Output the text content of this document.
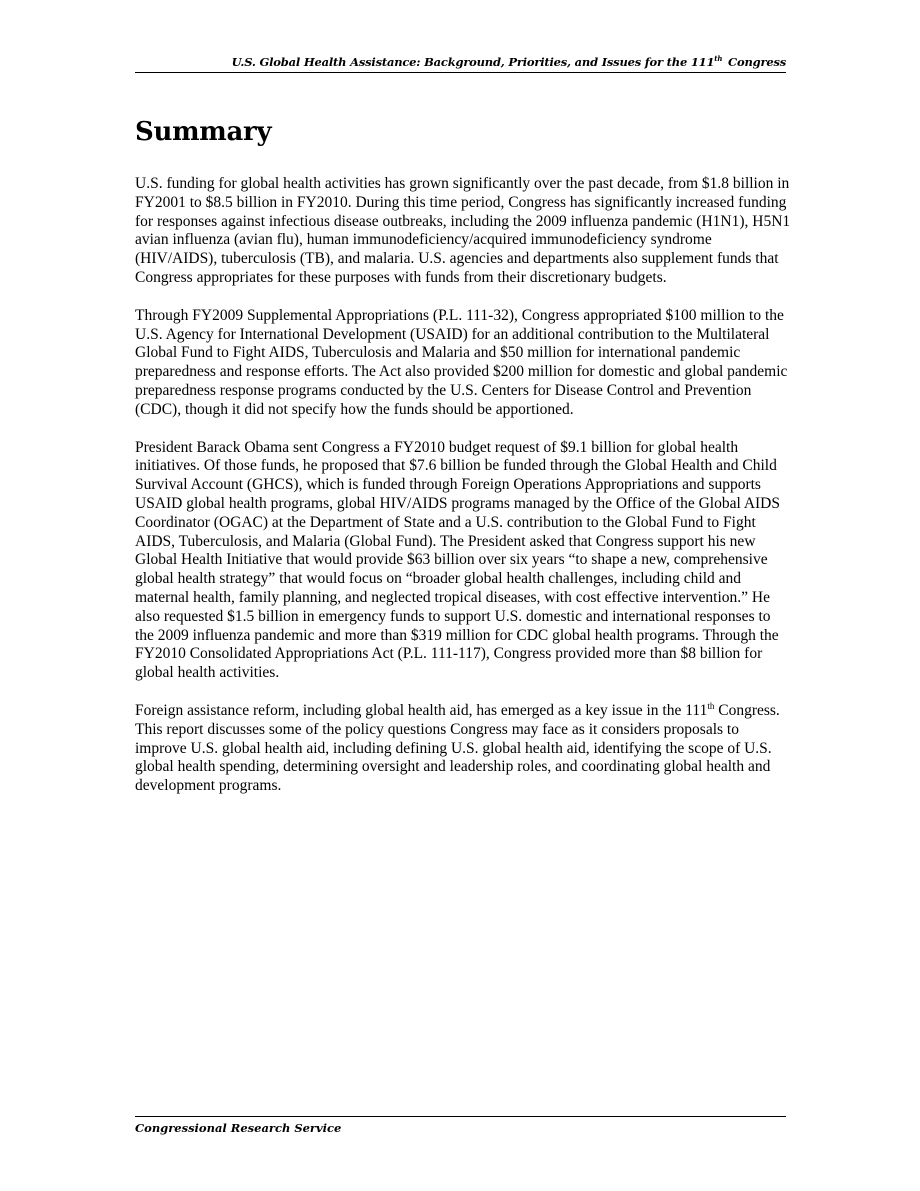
U.S. Global Health Assistance: Background, Priorities, and Issues for the 111th Congress
Summary

U.S. funding for global health activities has grown significantly over the past decade, from $1.8 billion in FY2001 to $8.5 billion in FY2010. During this time period, Congress has significantly increased funding for responses against infectious disease outbreaks, including the 2009 influenza pandemic (H1N1), H5N1 avian influenza (avian flu), human immunodeficiency/acquired immunodeficiency syndrome (HIV/AIDS), tuberculosis (TB), and malaria. U.S. agencies and departments also supplement funds that Congress appropriates for these purposes with funds from their discretionary budgets.

Through FY2009 Supplemental Appropriations (P.L. 111-32), Congress appropriated $100 million to the U.S. Agency for International Development (USAID) for an additional contribution to the Multilateral Global Fund to Fight AIDS, Tuberculosis and Malaria and $50 million for international pandemic preparedness and response efforts. The Act also provided $200 million for domestic and global pandemic preparedness response programs conducted by the U.S. Centers for Disease Control and Prevention (CDC), though it did not specify how the funds should be apportioned.

President Barack Obama sent Congress a FY2010 budget request of $9.1 billion for global health initiatives. Of those funds, he proposed that $7.6 billion be funded through the Global Health and Child Survival Account (GHCS), which is funded through Foreign Operations Appropriations and supports USAID global health programs, global HIV/AIDS programs managed by the Office of the Global AIDS Coordinator (OGAC) at the Department of State and a U.S. contribution to the Global Fund to Fight AIDS, Tuberculosis, and Malaria (Global Fund). The President asked that Congress support his new Global Health Initiative that would provide $63 billion over six years “to shape a new, comprehensive global health strategy” that would focus on “broader global health challenges, including child and maternal health, family planning, and neglected tropical diseases, with cost effective intervention.” He also requested $1.5 billion in emergency funds to support U.S. domestic and international responses to the 2009 influenza pandemic and more than $319 million for CDC global health programs. Through the FY2010 Consolidated Appropriations Act (P.L. 111-117), Congress provided more than $8 billion for global health activities.

Foreign assistance reform, including global health aid, has emerged as a key issue in the 111th Congress. This report discusses some of the policy questions Congress may face as it considers proposals to improve U.S. global health aid, including defining U.S. global health aid, identifying the scope of U.S. global health spending, determining oversight and leadership roles, and coordinating global health and development programs.

Congressional Research Service
